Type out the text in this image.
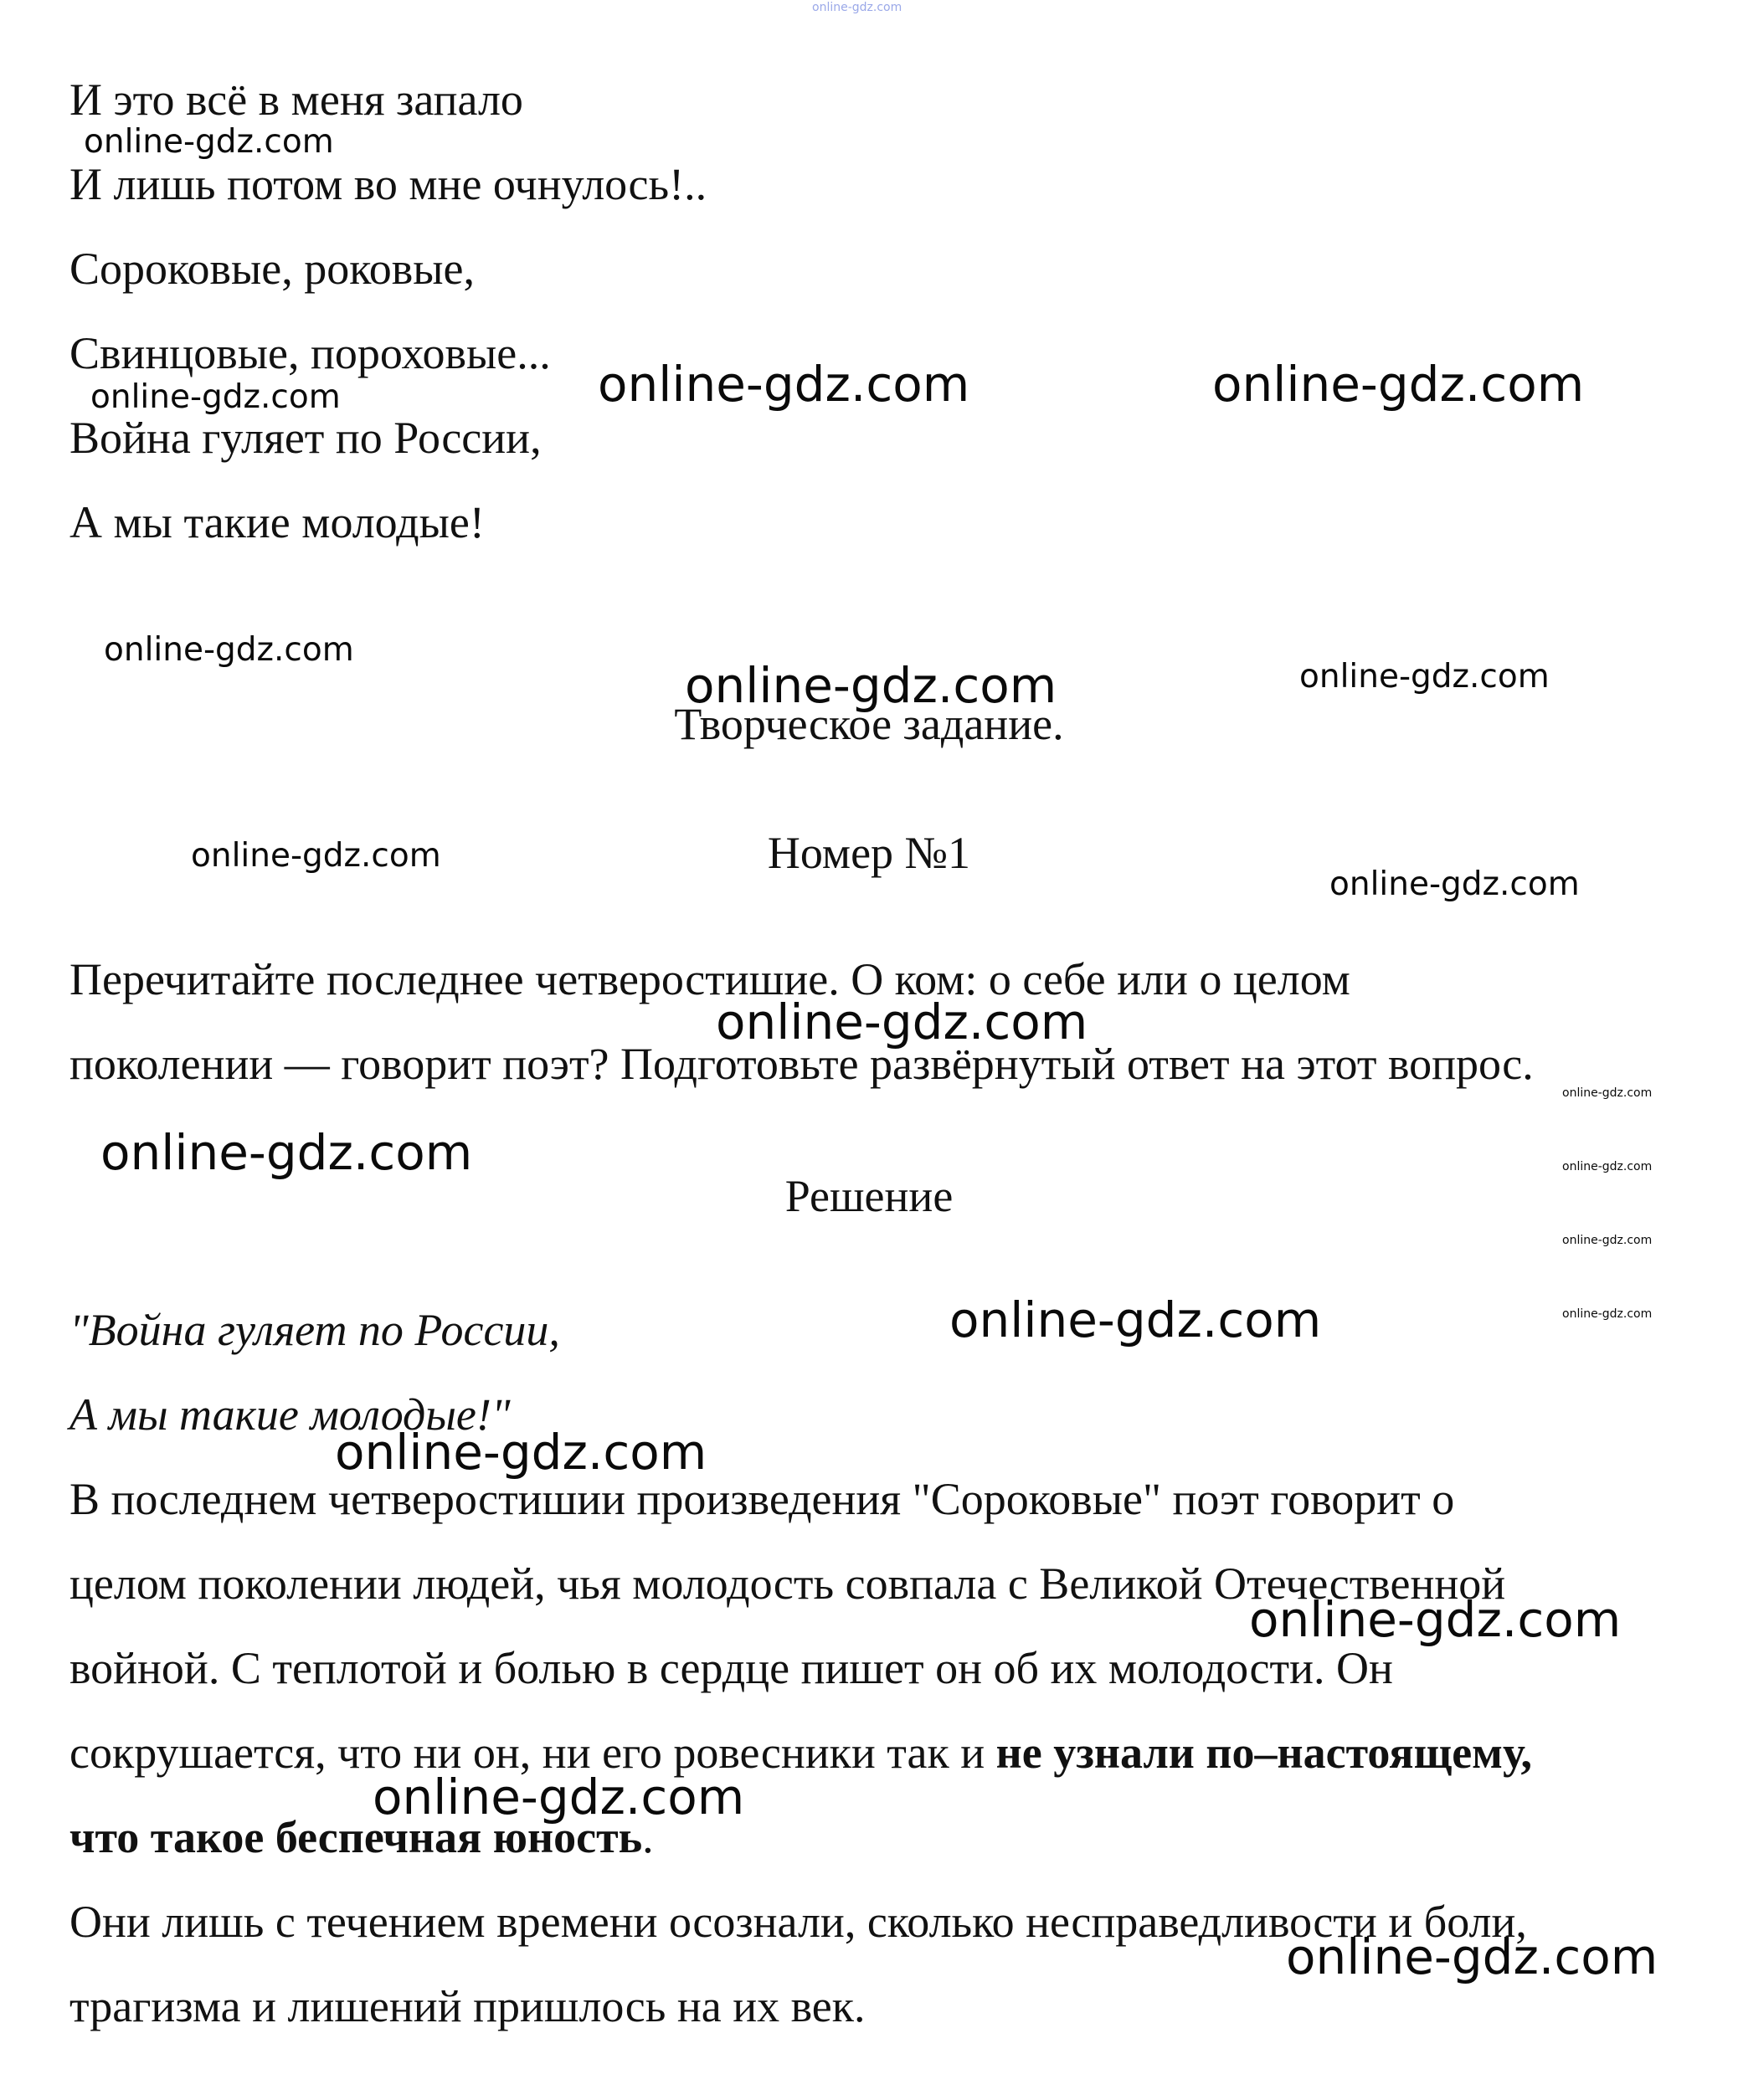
online-gdz.com
И это всё в меня запало
И лишь потом во мне очнулось!..
Сороковые, роковые,
Свинцовые, пороховые...
Война гуляет по России,
А мы такие молодые!
Творческое задание.
Номер №1
Перечитайте последнее четверостишие. О ком: о себе или о целом
поколении — говорит поэт? Подготовьте развёрнутый ответ на этот вопрос.
Решение
"Война гуляет по России,
А мы такие молодые!"
В последнем четверостишии произведения "Сороковые" поэт говорит о
целом поколении людей, чья молодость совпала с Великой Отечественной
войной. С теплотой и болью в сердце пишет он об их молодости. Он
сокрушается, что ни он, ни его ровесники так и не узнали по–настоящему,
что такое беспечная юность.
Они лишь с течением времени осознали, сколько несправедливости и боли,
трагизма и лишений пришлось на их век.
online-gdz.com
online-gdz.com	online-gdz.com	online-gdz.com
online-gdz.com
online-gdz.com	online-gdz.com
online-gdz.com
online-gdz.com
online-gdz.com
online-gdz.com
online-gdz.com
online-gdz.com
online-gdz.com
online-gdz.com
online-gdz.com
online-gdz.com
online-gdz.com
online-gdz.com
online-gdz.com
